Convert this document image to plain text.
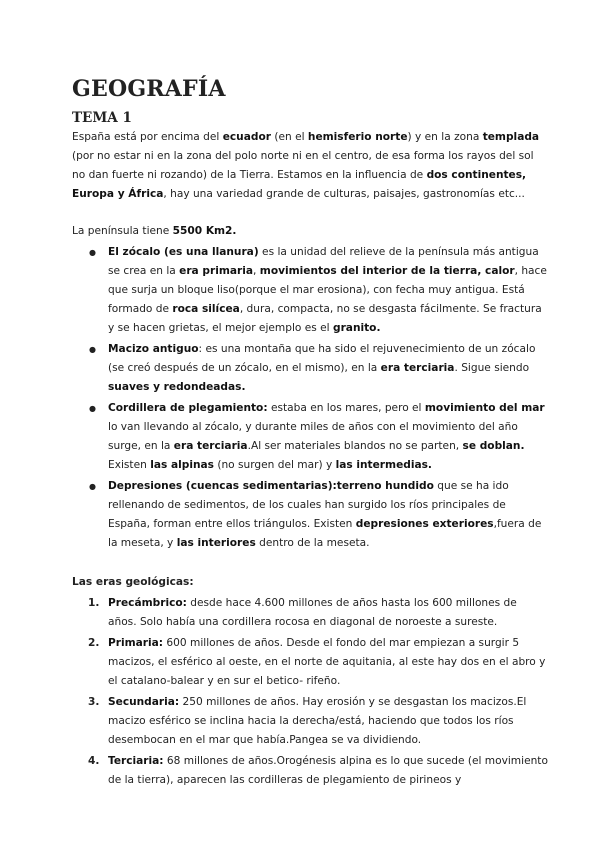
GEOGRAFÍA
TEMA 1

España está por encima del ecuador (en el hemisferio norte) y en la zona templada (por no estar ni en la zona del polo norte ni en el centro, de esa forma los rayos del sol no dan fuerte ni rozando) de la Tierra. Estamos en la influencia de dos continentes, Europa y África, hay una variedad grande de culturas, paisajes, gastronomías etc...

La península tiene 5500 Km2.

● El zócalo (es una llanura) es la unidad del relieve de la península más antigua se crea en la era primaria, movimientos del interior de la tierra, calor, hace que surja un bloque liso(porque el mar erosiona), con fecha muy antigua. Está formado de roca silícea, dura, compacta, no se desgasta fácilmente. Se fractura y se hacen grietas, el mejor ejemplo es el granito.
● Macizo antiguo: es una montaña que ha sido el rejuvenecimiento de un zócalo (se creó después de un zócalo, en el mismo), en la era terciaria. Sigue siendo suaves y redondeadas.
● Cordillera de plegamiento: estaba en los mares, pero el movimiento del mar lo van llevando al zócalo, y durante miles de años con el movimiento del año surge, en la era terciaria.Al ser materiales blandos no se parten, se doblan. Existen las alpinas (no surgen del mar) y las intermedias.
● Depresiones (cuencas sedimentarias):terreno hundido que se ha ido rellenando de sedimentos, de los cuales han surgido los ríos principales de España, forman entre ellos triángulos. Existen depresiones exteriores,fuera de la meseta, y las interiores dentro de la meseta.

Las eras geológicas:

1. Precámbrico: desde hace 4.600 millones de años hasta los 600 millones de años. Solo había una cordillera rocosa en diagonal de noroeste a sureste.
2. Primaria: 600 millones de años. Desde el fondo del mar empiezan a surgir 5 macizos, el esférico al oeste, en el norte de aquitania, al este hay dos en el abro y el catalano-balear y en sur el betico- rifeño.
3. Secundaria: 250 millones de años. Hay erosión y se desgastan los macizos.El macizo esférico se inclina hacia la derecha/está, haciendo que todos los ríos desembocan en el mar que había.Pangea se va dividiendo.
4. Terciaria: 68 millones de años.Orogénesis alpina es lo que sucede (el movimiento de la tierra), aparecen las cordilleras de plegamiento de pirineos y
